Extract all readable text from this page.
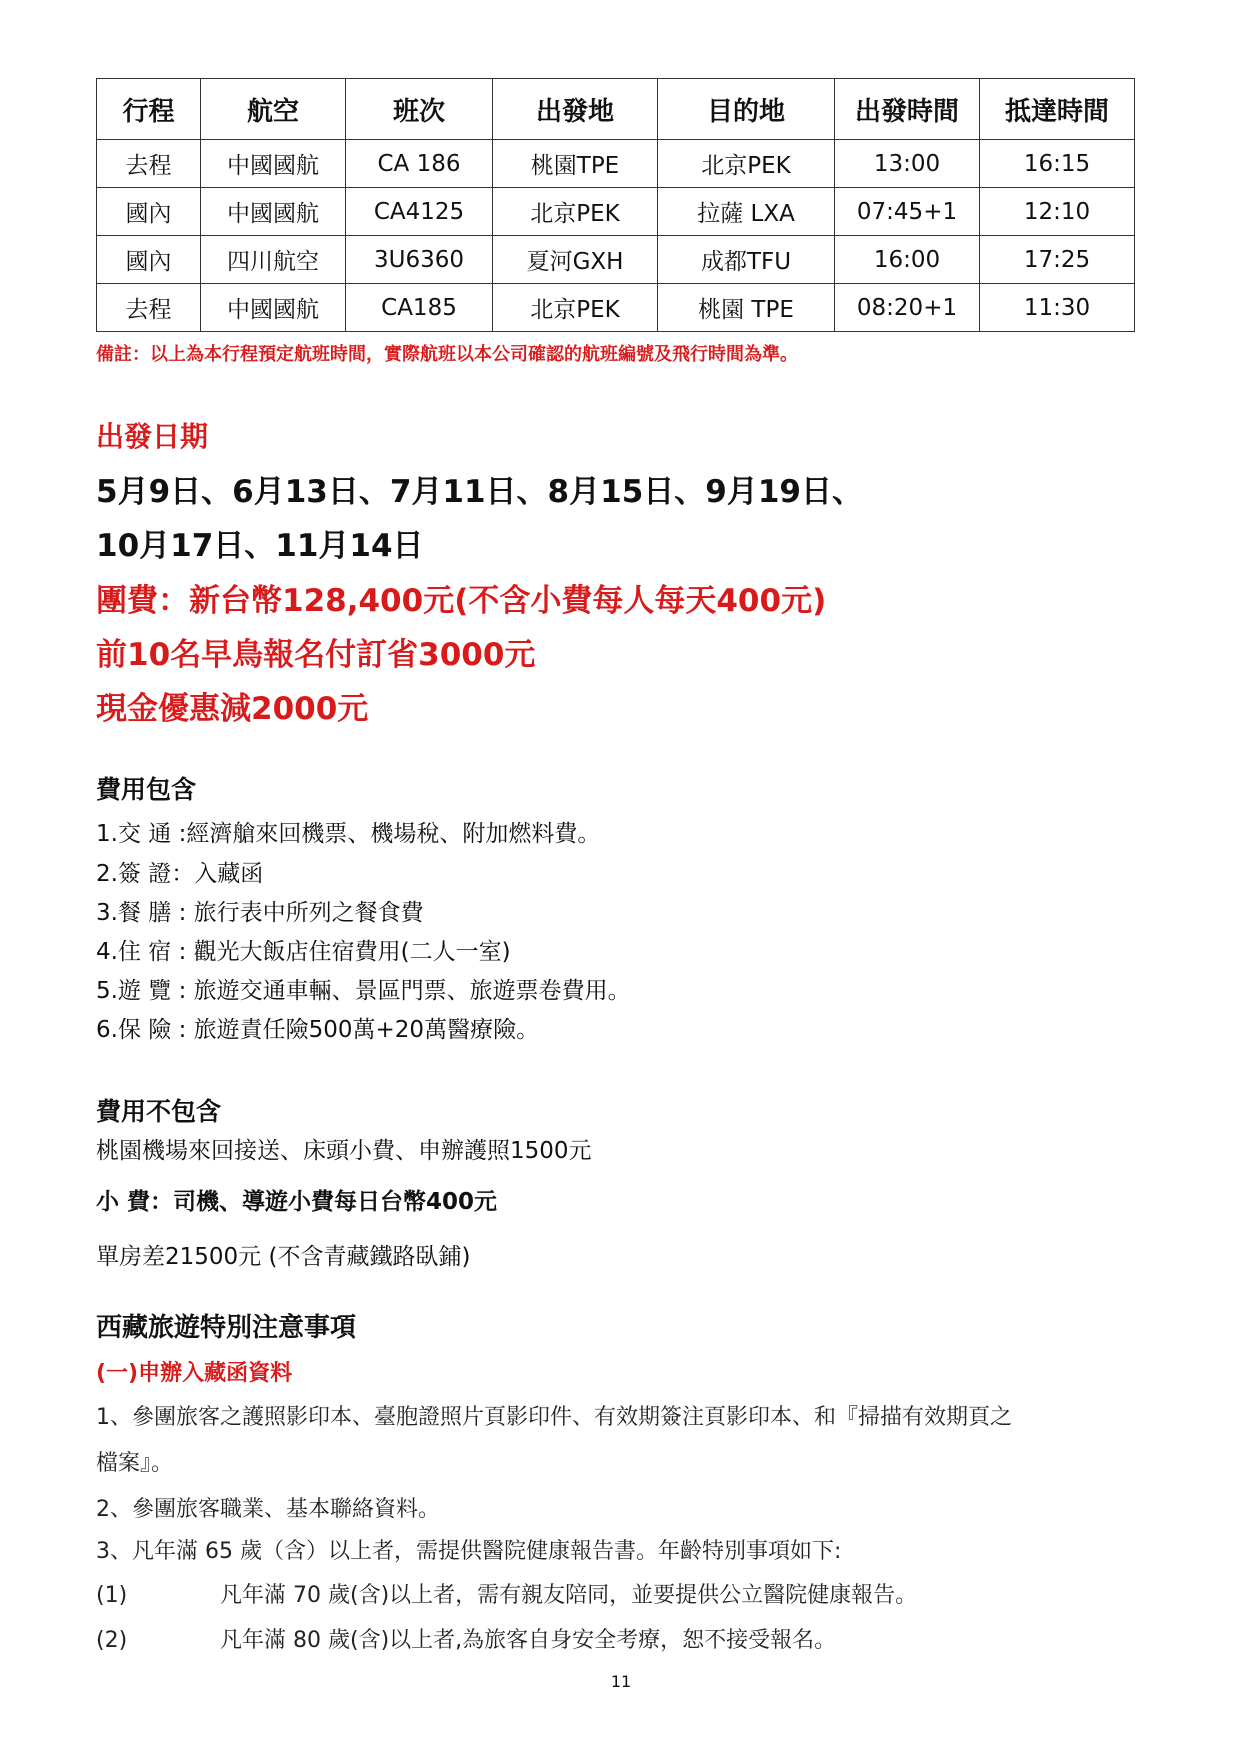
行程	航空	班次	出發地	目的地	出發時間	抵達時間
去程	中國國航	CA 186	桃園TPE	北京PEK	13:00	16:15
國內	中國國航	CA4125	北京PEK	拉薩 LXA	07:45+1	12:10
國內	四川航空	3U6360	夏河GXH	成都TFU	16:00	17:25
去程	中國國航	CA185	北京PEK	桃園 TPE	08:20+1	11:30
備註：以上為本行程預定航班時間，實際航班以本公司確認的航班編號及飛行時間為準。
出發日期
5月9日、6月13日、7月11日、8月15日、9月19日、
10月17日、11月14日
團費：新台幣128,400元(不含小費每人每天400元)
前10名早鳥報名付訂省3000元
現金優惠減2000元
費用包含
1.交 通 :經濟艙來回機票、機場稅、附加燃料費。
2.簽 證：入藏函
3.餐 膳 : 旅行表中所列之餐食費
4.住 宿 : 觀光大飯店住宿費用(二人一室)
5.遊 覽 : 旅遊交通車輛、景區門票、旅遊票卷費用。
6.保 險 : 旅遊責任險500萬+20萬醫療險。
費用不包含
桃園機場來回接送、床頭小費、申辦護照1500元
小 費：司機、導遊小費每日台幣400元
單房差21500元 (不含青藏鐵路臥鋪)
西藏旅遊特別注意事項
(一)申辦入藏函資料
1、參團旅客之護照影印本、臺胞證照片頁影印件、有效期簽注頁影印本、和『掃描有效期頁之
檔案』。
2、參團旅客職業、基本聯絡資料。
3、凡年滿 65 歲（含）以上者，需提供醫院健康報告書。年齡特別事項如下:
(1)	凡年滿 70 歲(含)以上者，需有親友陪同，並要提供公立醫院健康報告。
(2)	凡年滿 80 歲(含)以上者,為旅客自身安全考療，恕不接受報名。
11
